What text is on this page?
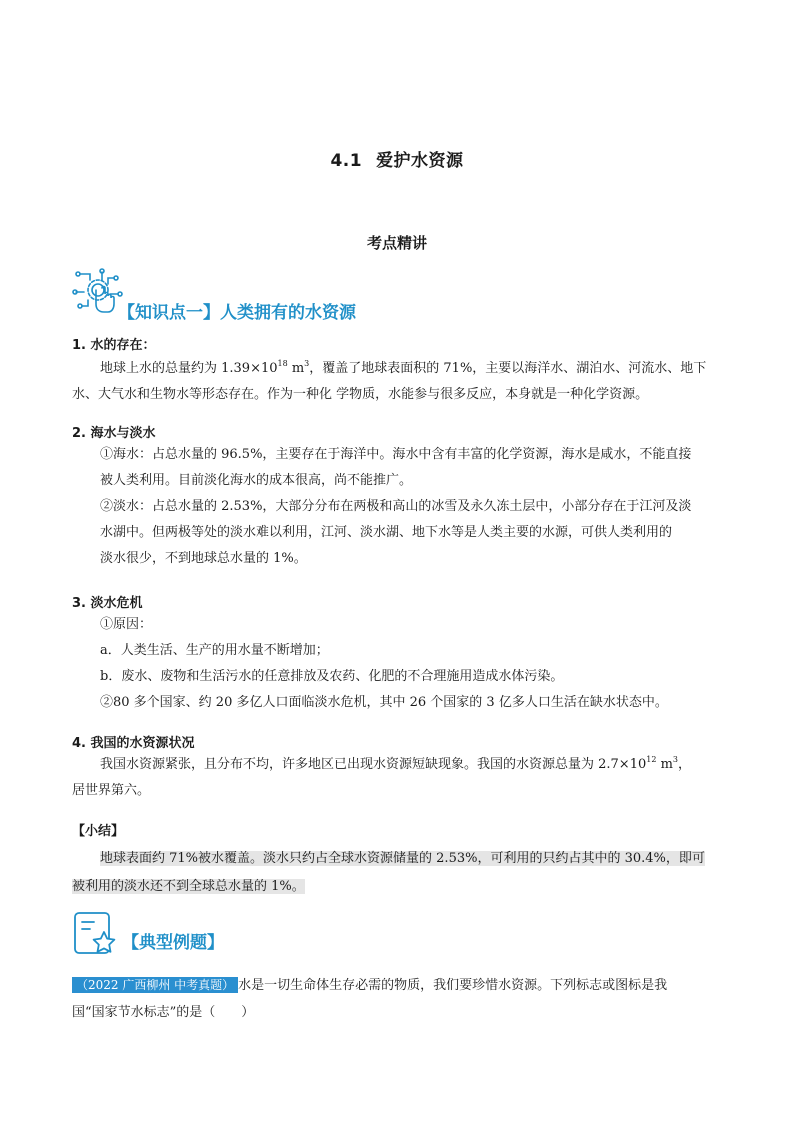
4.1 爱护水资源
考点精讲
【知识点一】人类拥有的水资源
1. 水的存在：
地球上水的总量约为 $1.39\times 10^{18}$ $m^3$，覆盖了地球表面积的 71%，主要以海洋水、湖泊水、河流水、地下
水、大气水和生物水等形态存在。作为一种化 学物质，水能参与很多反应，本身就是一种化学资源。
2. 海水与淡水
①海水：占总水量的 96.5%，主要存在于海洋中。海水中含有丰富的化学资源，海水是咸水，不能直接
被人类利用。目前淡化海水的成本很高，尚不能推广。
②淡水：占总水量的 2.53%，大部分分布在两极和高山的冰雪及永久冻土层中，小部分存在于江河及淡
水湖中。但两极等处的淡水难以利用，江河、淡水湖、地下水等是人类主要的水源，可供人类利用的
淡水很少，不到地球总水量的 1%。
3. 淡水危机
①原因：
a．人类生活、生产的用水量不断增加；
b．废水、废物和生活污水的任意排放及农药、化肥的不合理施用造成水体污染。
②80 多个国家、约 20 多亿人口面临淡水危机，其中 26 个国家的 3 亿多人口生活在缺水状态中。
4. 我国的水资源状况
我国水资源紧张，且分布不均，许多地区已出现水资源短缺现象。我国的水资源总量为 $2.7\times 10^{12}$ $m^3$，
居世界第六。
【小结】
地球表面约 71%被水覆盖。淡水只约占全球水资源储量的 2.53%，可利用的只约占其中的 30.4%，即可
被利用的淡水还不到全球总水量的 1%。
【典型例题】
（2022 广西柳州 中考真题） 水是一切生命体生存必需的物质，我们要珍惜水资源。下列标志或图标是我
国“国家节水标志”的是（　　）
